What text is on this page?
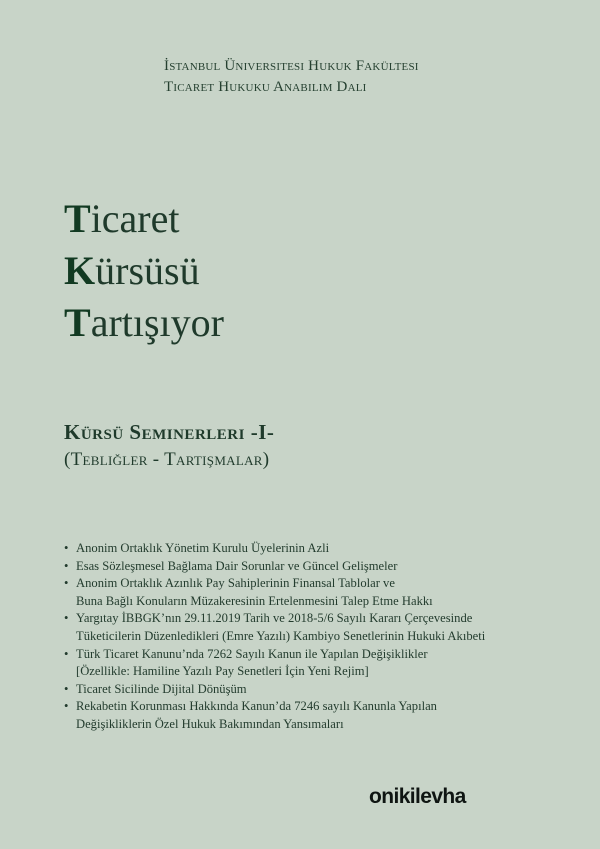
İstanbul Üniversitesi Hukuk Fakültesi
Ticaret Hukuku Anabilim Dalı
Ticaret
Kürsüsü
Tartışıyor
Kürsü Seminerleri -I-
(Tebliğler - Tartışmalar)
• Anonim Ortaklık Yönetim Kurulu Üyelerinin Azli
• Esas Sözleşmesel Bağlama Dair Sorunlar ve Güncel Gelişmeler
• Anonim Ortaklık Azınlık Pay Sahiplerinin Finansal Tablolar ve
Buna Bağlı Konuların Müzakeresinin Ertelenmesini Talep Etme Hakkı
• Yargıtay İBBGK’nın 29.11.2019 Tarih ve 2018-5/6 Sayılı Kararı Çerçevesinde
Tüketicilerin Düzenledikleri (Emre Yazılı) Kambiyo Senetlerinin Hukuki Akıbeti
• Türk Ticaret Kanunu’nda 7262 Sayılı Kanun ile Yapılan Değişiklikler
[Özellikle: Hamiline Yazılı Pay Senetleri İçin Yeni Rejim]
• Ticaret Sicilinde Dijital Dönüşüm
• Rekabetin Korunması Hakkında Kanun’da 7246 sayılı Kanunla Yapılan
Değişikliklerin Özel Hukuk Bakımından Yansımaları
onikilevha
